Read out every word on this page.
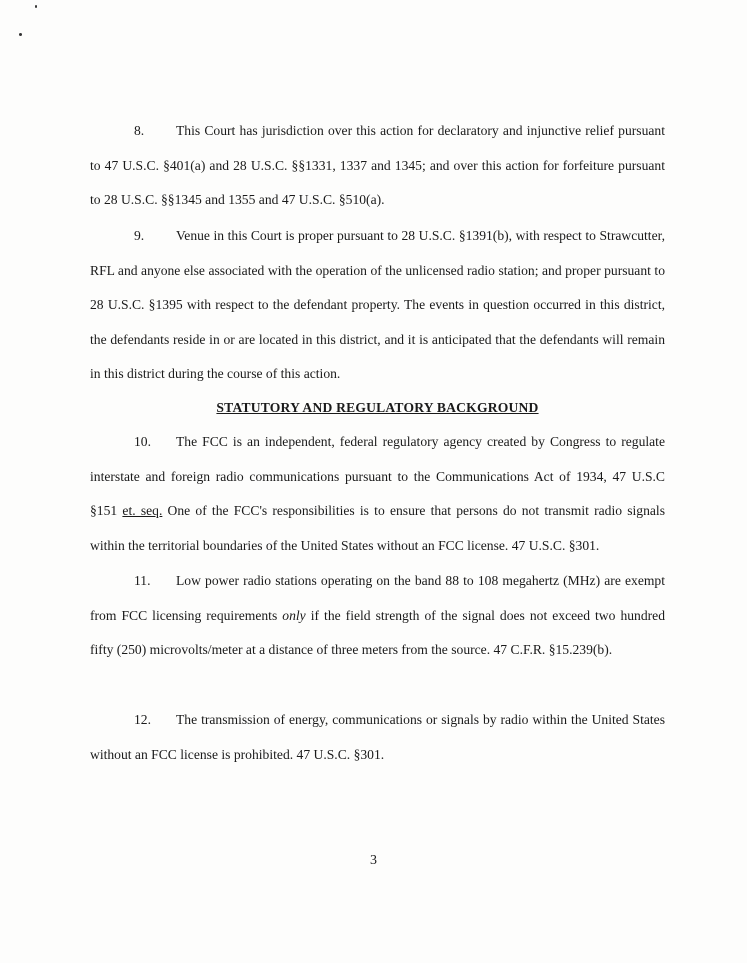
8. This Court has jurisdiction over this action for declaratory and injunctive relief pursuant to 47 U.S.C. §401(a) and 28 U.S.C. §§1331, 1337 and 1345; and over this action for forfeiture pursuant to 28 U.S.C. §§1345 and 1355 and 47 U.S.C. §510(a).

9. Venue in this Court is proper pursuant to 28 U.S.C. §1391(b), with respect to Strawcutter, RFL and anyone else associated with the operation of the unlicensed radio station; and proper pursuant to 28 U.S.C. §1395 with respect to the defendant property. The events in question occurred in this district, the defendants reside in or are located in this district, and it is anticipated that the defendants will remain in this district during the course of this action.

STATUTORY AND REGULATORY BACKGROUND

10. The FCC is an independent, federal regulatory agency created by Congress to regulate interstate and foreign radio communications pursuant to the Communications Act of 1934, 47 U.S.C §151 et. seq. One of the FCC's responsibilities is to ensure that persons do not transmit radio signals within the territorial boundaries of the United States without an FCC license. 47 U.S.C. §301.

11. Low power radio stations operating on the band 88 to 108 megahertz (MHz) are exempt from FCC licensing requirements only if the field strength of the signal does not exceed two hundred fifty (250) microvolts/meter at a distance of three meters from the source. 47 C.F.R. §15.239(b).

12. The transmission of energy, communications or signals by radio within the United States without an FCC license is prohibited. 47 U.S.C. §301.

3
